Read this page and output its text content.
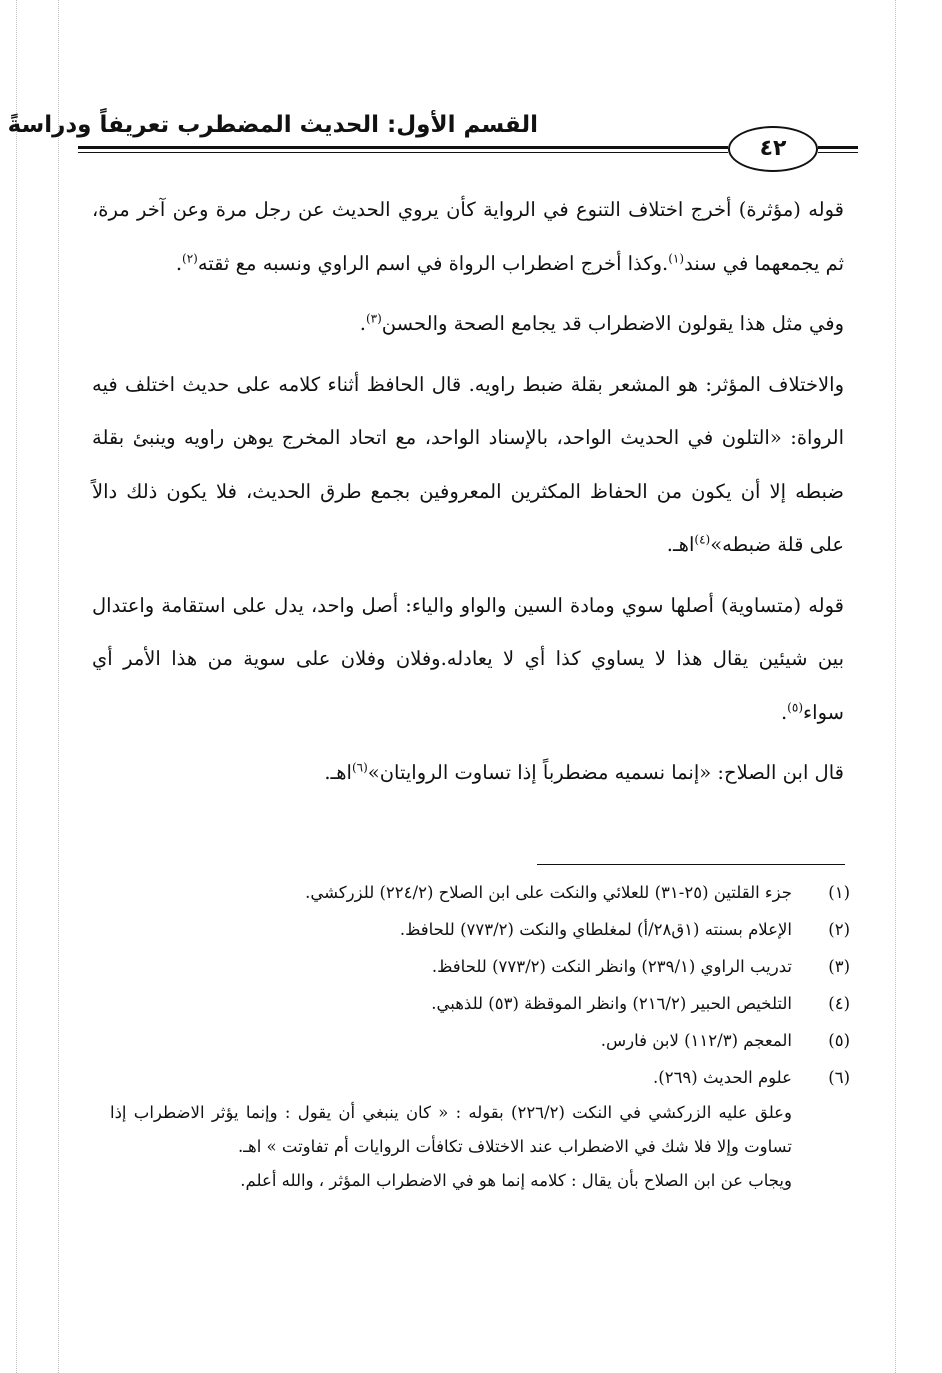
القسم الأول: الحديث المضطرب تعريفاً ودراسةً
٤٢

قوله (مؤثرة) أخرج اختلاف التنوع في الرواية كأن يروي الحديث عن رجل مرة وعن آخر مرة، ثم يجمعهما في سند$^{(١)}$.وكذا أخرج اضطراب الرواة في اسم الراوي ونسبه مع ثقته$^{(٢)}$.

وفي مثل هذا يقولون الاضطراب قد يجامع الصحة والحسن$^{(٣)}$.

والاختلاف المؤثر: هو المشعر بقلة ضبط راويه. قال الحافظ أثناء كلامه على حديث اختلف فيه الرواة: «التلون في الحديث الواحد، بالإسناد الواحد، مع اتحاد المخرج يوهن راويه وينبئ بقلة ضبطه إلا أن يكون من الحفاظ المكثرين المعروفين بجمع طرق الحديث، فلا يكون ذلك دالاً على قلة ضبطه»$^{(٤)}$اهـ.

قوله (متساوية) أصلها سوي ومادة السين والواو والياء: أصل واحد، يدل على استقامة واعتدال بين شيئين يقال هذا لا يساوي كذا أي لا يعادله.وفلان وفلان على سوية من هذا الأمر أي سواء$^{(٥)}$.

قال ابن الصلاح: «إنما نسميه مضطرباً إذا تساوت الروايتان»$^{(٦)}$اهـ.

(١)
جزء القلتين (٢٥-٣١) للعلائي والنكت على ابن الصلاح (٢٢٤/٢) للزركشي.
(٢)
الإعلام بسنته (١ق٢٨/أ) لمغلطاي والنكت (٧٧٣/٢) للحافظ.
(٣)
تدريب الراوي (٢٣٩/١) وانظر النكت (٧٧٣/٢) للحافظ.
(٤)
التلخيص الحبير (٢١٦/٢) وانظر الموقظة (٥٣) للذهبي.
(٥)
المعجم (١١٢/٣) لابن فارس.
(٦)
علوم الحديث (٢٦٩).
وعلق عليه الزركشي في النكت (٢٢٦/٢) بقوله : « كان ينبغي أن يقول : وإنما يؤثر الاضطراب إذا تساوت وإلا فلا شك في الاضطراب عند الاختلاف تكافأت الروايات أم تفاوتت » اهـ.
ويجاب عن ابن الصلاح بأن يقال : كلامه إنما هو في الاضطراب المؤثر ، والله أعلم.
